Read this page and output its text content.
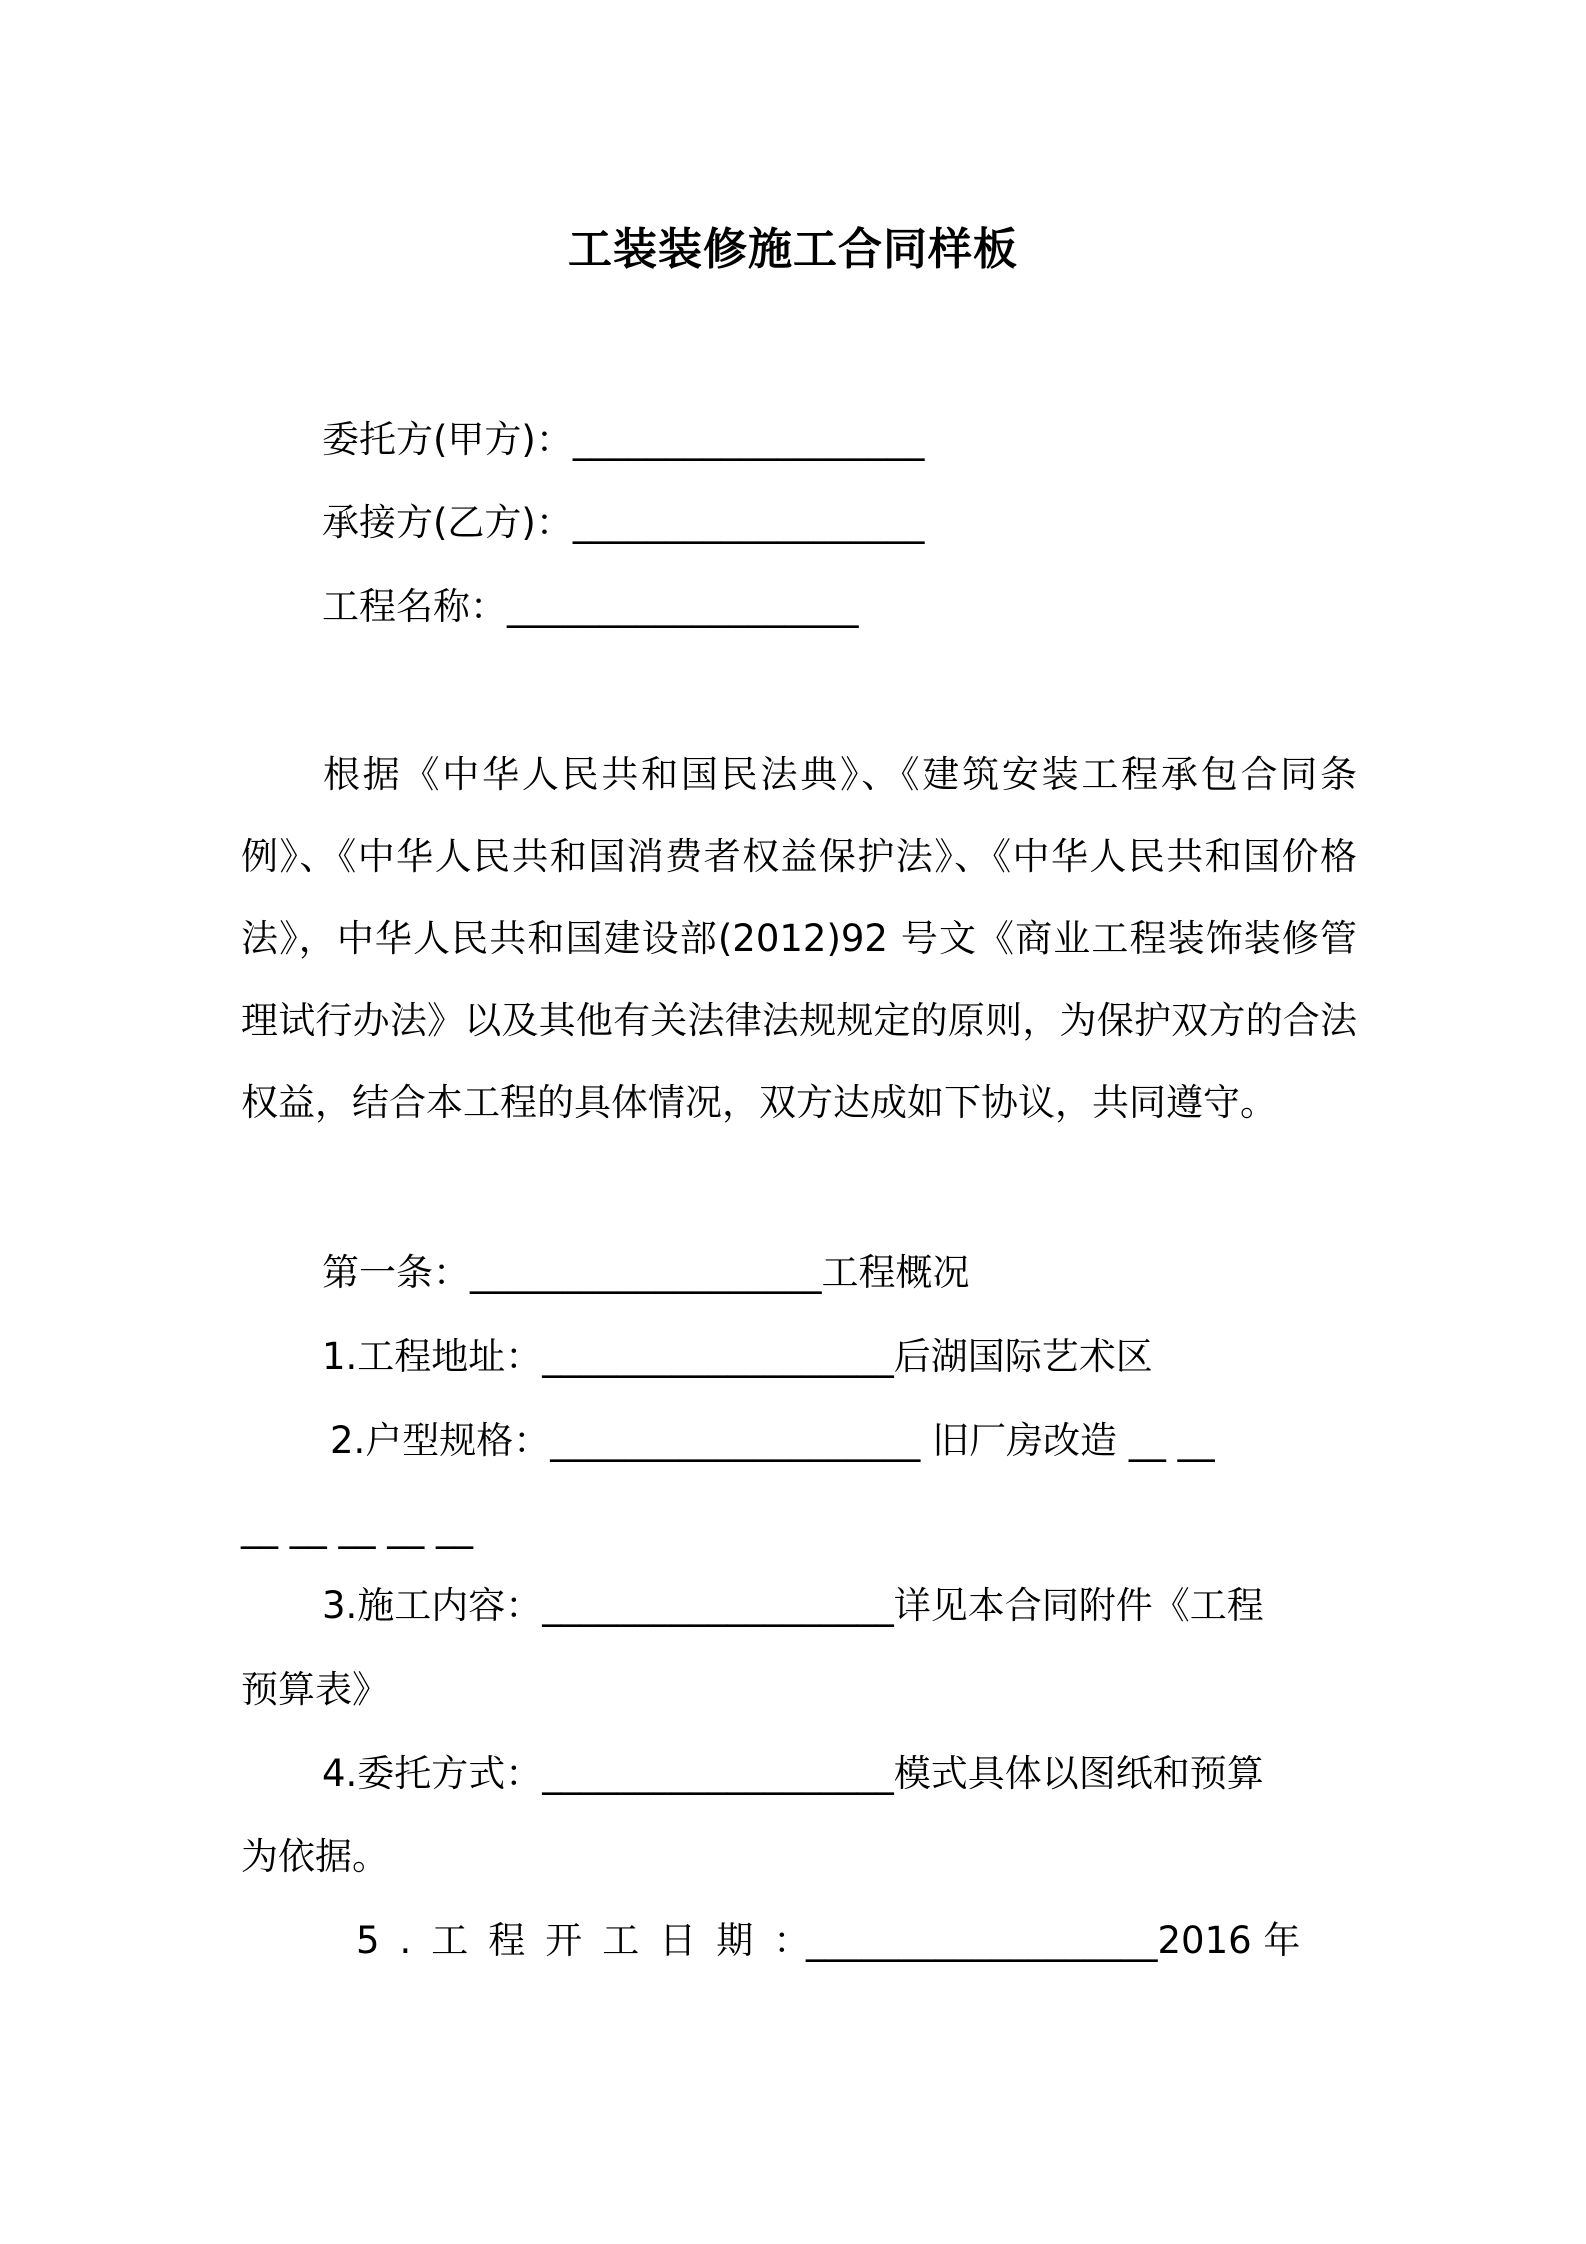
工装装修施工合同样板
委托方(甲方)：___________________
承接方(乙方)：___________________
工程名称：___________________
根据《中华人民共和国民法典》、《建筑安装工程承包合同条例》、《中华人民共和国消费者权益保护法》、《中华人民共和国价格法》，中华人民共和国建设部(2012)92 号文《商业工程装饰装修管理试行办法》以及其他有关法律法规规定的原则，为保护双方的合法权益，结合本工程的具体情况，双方达成如下协议，共同遵守。
第一条：___________________工程概况
1.工程地址：___________________后湖国际艺术区
2.户型规格：____________________ 旧厂房改造 __ __
__ __ __ __ __
3.施工内容：___________________详见本合同附件《工程
预算表》
4.委托方式：___________________模式具体以图纸和预算
为依据。
5.工程开工日期：
___________________2016 年
